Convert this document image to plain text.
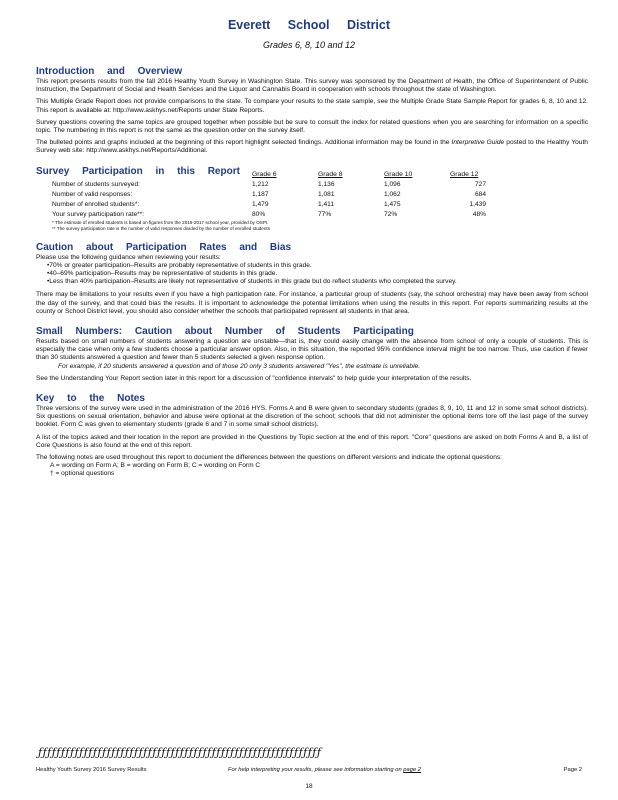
Everett School District
Grades 6, 8, 10 and 12
Introduction and Overview

This report presents results from the fall 2016 Healthy Youth Survey in Washington State. This survey was sponsored by the Department of Health, the Office of Superintendent of Public Instruction, the Department of Social and Health Services and the Liquor and Cannabis Board in cooperation with schools throughout the state of Washington.

This Multiple Grade Report does not provide comparisons to the state. To compare your results to the state sample, see the Multiple Grade State Sample Report for grades 6, 8, 10 and 12. This report is available at: http://www.askhys.net/Reports under State Reports.

Survey questions covering the same topics are grouped together when possible but be sure to consult the index for related questions when you are searching for information on a specific topic. The numbering in this report is not the same as the question order on the survey itself.

The bulleted points and graphs included at the beginning of this report highlight selected findings. Additional information may be found in the Interpretive Guide posted to the Healthy Youth Survey web site: http://www.askhys.net/Reports/Additional.

Survey Participation in this Report	Grade 6	Grade 8	Grade 10	Grade 12
Number of students surveyed:	1,212	1,136	1,096	727
Number of valid responses:	1,187	1,081	1,062	684
Number of enrolled students*:	1,479	1,411	1,475	1,439
Your survey participation rate**:	80%	77%	72%	48%
* The estimate of enrolled students is based on figures from the 2016-2017 school year, provided by OSPI.
** The survey participation rate is the number of valid responses divided by the number of enrolled students
Caution about Participation Rates and Bias

Please use the following guidance when reviewing your results:

•70% or greater participation–Results are probably representative of students in this grade.
•40–69% participation–Results may be representative of students in this grade.
•Less than 40% participation–Results are likely not representative of students in this grade but do reflect students who completed the survey.

There may be limitations to your results even if you have a high participation rate. For instance, a particular group of students (say, the school orchestra) may have been away from school the day of the survey, and that could bias the results. It is important to acknowledge the potential limitations when using the results in this report. For reports summarizing results at the county or School District level, you should also consider whether the schools that participated represent all students in that area.

Small Numbers: Caution about Number of Students Participating

Results based on small numbers of students answering a question are unstable—that is, they could easily change with the absence from school of only a couple of students. This is especially the case when only a few students choose a particular answer option. Also, in this situation, the reported 95% confidence interval might be too narrow. Thus, use caution if fewer than 30 students answered a question and fewer than 5 students selected a given response option.

For example, if 20 students answered a question and of those 20 only 3 students answered "Yes", the estimate is unreliable.

See the Understanding Your Report section later in this report for a discussion of "confidence intervals" to help guide your interpretation of the results.

Key to the Notes

Three versions of the survey were used in the administration of the 2016 HYS. Forms A and B were given to secondary students (grades 8, 9, 10, 11 and 12 in some small school districts). Six questions on sexual orientation, behavior and abuse were optional at the discretion of the school; schools that did not administer the optional items tore off the last page of the survey booklet. Form C was given to elementary students (grade 6 and 7 in some small school districts).

A list of the topics asked and their location in the report are provided in the Questions by Topic section at the end of this report. "Core" questions are asked on both Forms A and B, a list of Core Questions is also found at the end of this report.

The following notes are used throughout this report to document the differences between the questions on different versions and indicate the optional questions:

A = wording on Form A; B = wording on Form B; C = wording on Form C
† = optional questions
ƒƒƒƒƒƒƒƒƒƒƒƒƒƒƒƒƒƒƒƒƒƒƒƒƒƒƒƒƒƒƒƒƒƒƒƒƒƒƒƒƒƒƒƒƒƒƒƒƒƒƒƒƒƒƒƒƒƒƒƒƒƒ
Healthy Youth Survey 2016 Survey Results	For help interpreting your results, please see information starting on page 2	Page 2
18
